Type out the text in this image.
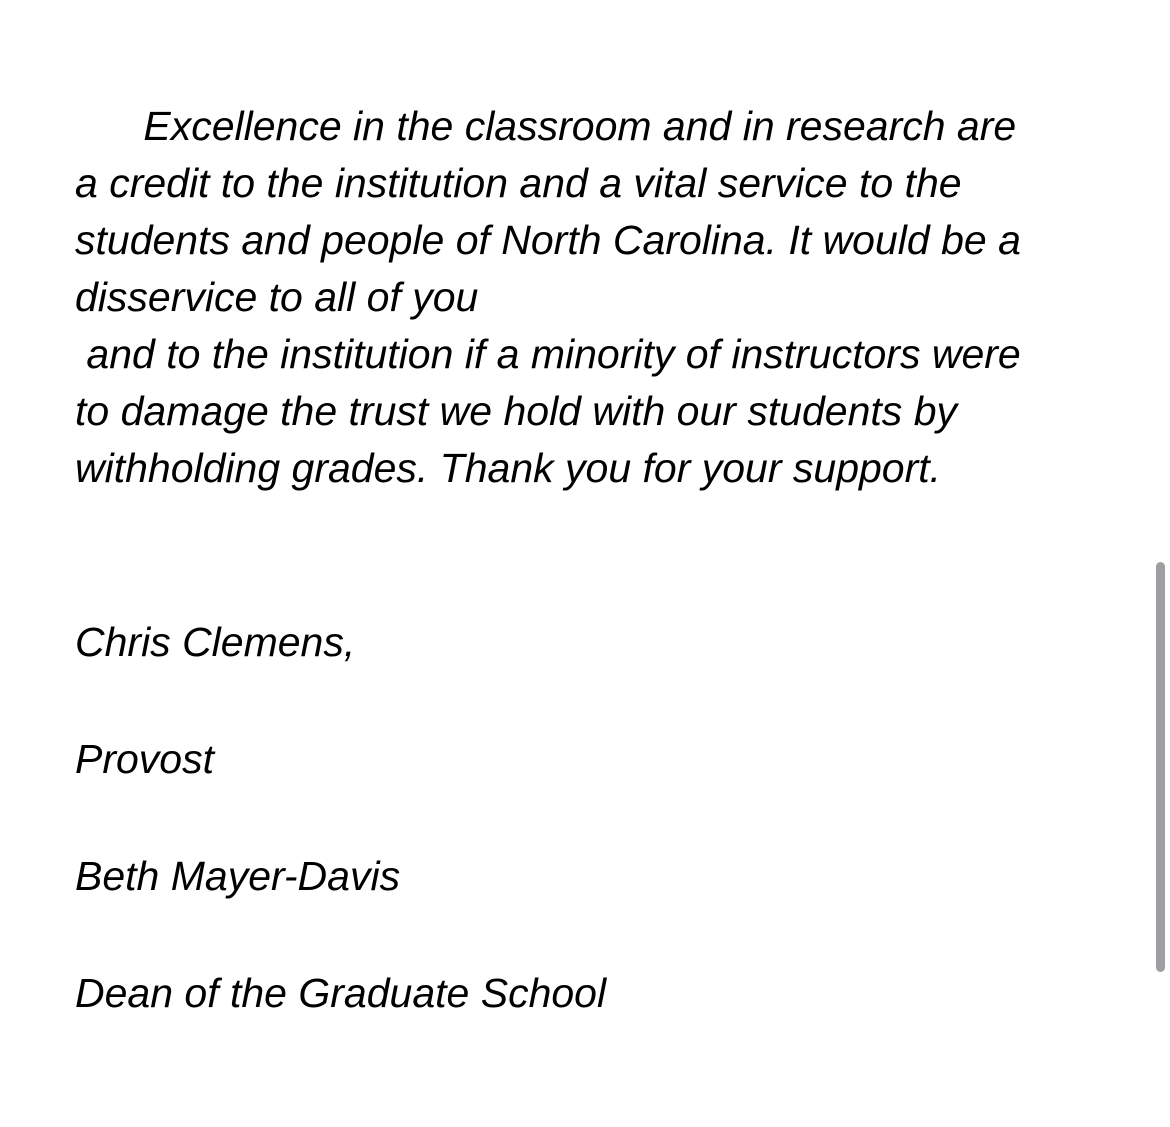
Excellence in the classroom and in research are
a credit to the institution and a vital service to the
students and people of North Carolina. It would be a
disservice to all of you
and to the institution if a minority of instructors were
to damage the trust we hold with our students by
withholding grades. Thank you for your support.
Chris Clemens,
Provost
Beth Mayer-Davis
Dean of the Graduate School
